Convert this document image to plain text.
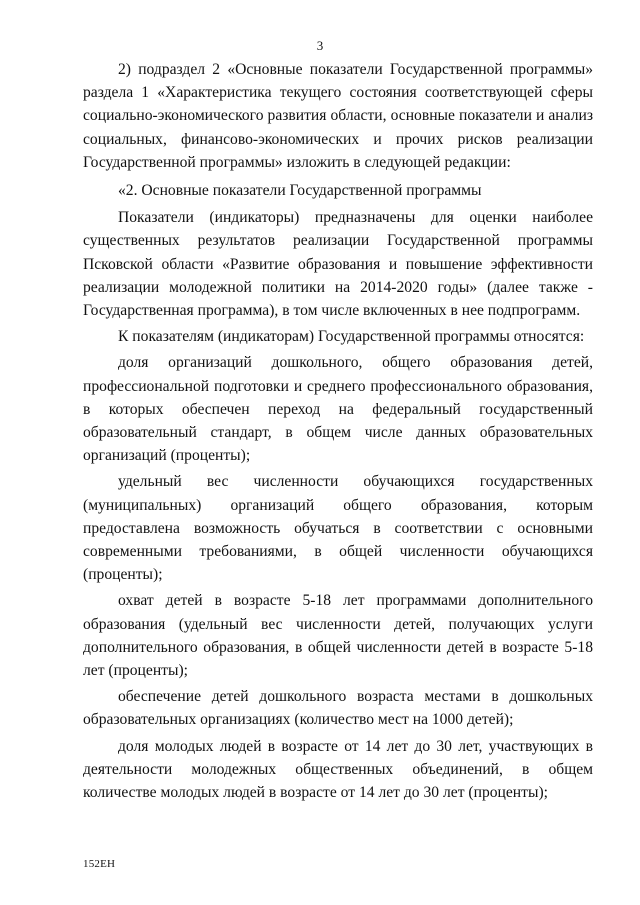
3

2) подраздел 2 «Основные показатели Государственной программы» раздела 1 «Характеристика текущего состояния соответствующей сферы социально-экономического развития области, основные показатели и анализ социальных, финансово-экономических и прочих рисков реализации Государственной программы» изложить в следующей редакции:

«2. Основные показатели Государственной программы

Показатели (индикаторы) предназначены для оценки наиболее существенных результатов реализации Государственной программы Псковской области «Развитие образования и повышение эффективности реализации молодежной политики на 2014-2020 годы» (далее также - Государственная программа), в том числе включенных в нее подпрограмм.

К показателям (индикаторам) Государственной программы относятся:

доля организаций дошкольного, общего образования детей, профессиональной подготовки и среднего профессионального образования, в которых обеспечен переход на федеральный государственный образовательный стандарт, в общем числе данных образовательных организаций (проценты);

удельный вес численности обучающихся государственных (муниципальных) организаций общего образования, которым предоставлена возможность обучаться в соответствии с основными современными требованиями, в общей численности обучающихся (проценты);

охват детей в возрасте 5-18 лет программами дополнительного образования (удельный вес численности детей, получающих услуги дополнительного образования, в общей численности детей в возрасте 5-18 лет (проценты);

обеспечение детей дошкольного возраста местами в дошкольных образовательных организациях (количество мест на 1000 детей);

доля молодых людей в возрасте от 14 лет до 30 лет, участвующих в деятельности молодежных общественных объединений, в общем количестве молодых людей в возрасте от 14 лет до 30 лет (проценты);

152ЕН
